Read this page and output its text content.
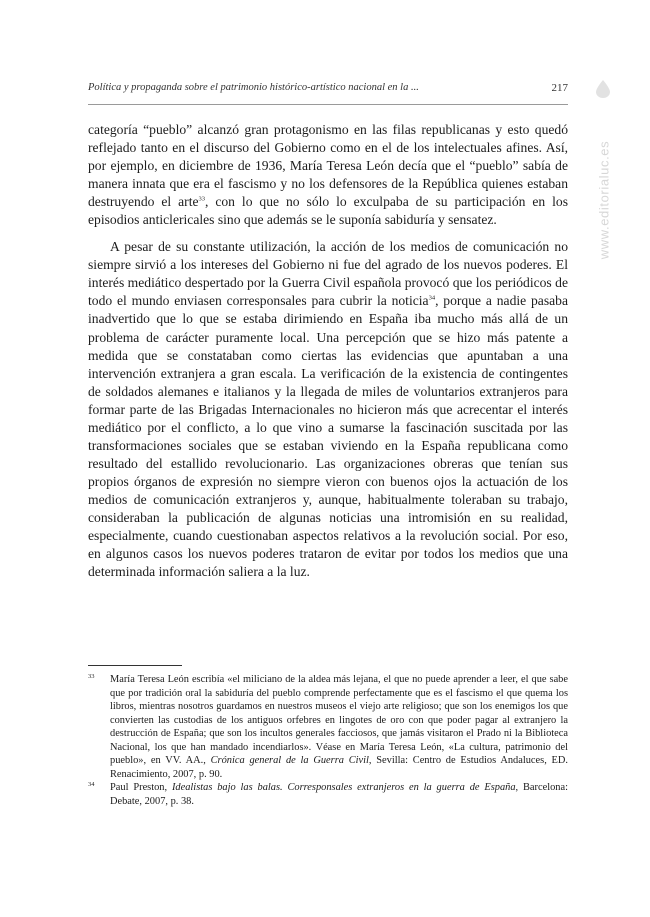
Política y propaganda sobre el patrimonio histórico-artístico nacional en la ...	217
www.editorialuc.es

categoría “pueblo” alcanzó gran protagonismo en las filas republicanas y esto quedó reflejado tanto en el discurso del Gobierno como en el de los intelectuales afines. Así, por ejemplo, en diciembre de 1936, María Teresa León decía que el “pueblo” sabía de manera innata que era el fascismo y no los defensores de la República quienes estaban destruyendo el arte$^{33}$, con lo que no sólo lo exculpaba de su participación en los episodios anticlericales sino que además se le suponía sabiduría y sensatez.

A pesar de su constante utilización, la acción de los medios de comunicación no siempre sirvió a los intereses del Gobierno ni fue del agrado de los nuevos poderes. El interés mediático despertado por la Guerra Civil española provocó que los periódicos de todo el mundo enviasen corresponsales para cubrir la noticia$^{34}$, porque a nadie pasaba inadvertido que lo que se estaba dirimiendo en España iba mucho más allá de un problema de carácter puramente local. Una percepción que se hizo más patente a medida que se constataban como ciertas las evidencias que apuntaban a una intervención extranjera a gran escala. La verificación de la existencia de contingentes de soldados alemanes e italianos y la llegada de miles de voluntarios extranjeros para formar parte de las Brigadas Internacionales no hicieron más que acrecentar el interés mediático por el conflicto, a lo que vino a sumarse la fascinación suscitada por las transformaciones sociales que se estaban viviendo en la España republicana como resultado del estallido revolucionario. Las organizaciones obreras que tenían sus propios órganos de expresión no siempre vieron con buenos ojos la actuación de los medios de comunicación extranjeros y, aunque, habitualmente toleraban su trabajo, consideraban la publicación de algunas noticias una intromisión en su realidad, especialmente, cuando cuestionaban aspectos relativos a la revolución social. Por eso, en algunos casos los nuevos poderes trataron de evitar por todos los medios que una determinada información saliera a la luz.

33 María Teresa León escribía «el miliciano de la aldea más lejana, el que no puede aprender a leer, el que sabe que por tradición oral la sabiduría del pueblo comprende perfectamente que es el fascismo el que quema los libros, mientras nosotros guardamos en nuestros museos el viejo arte religioso; que son los enemigos los que convierten las custodias de los antiguos orfebres en lingotes de oro con que poder pagar al extranjero la destrucción de España; que son los incultos generales facciosos, que jamás visitaron el Prado ni la Biblioteca Nacional, los que han mandado incendiarlos». Véase en María Teresa León, «La cultura, patrimonio del pueblo», en VV. AA., Crónica general de la Guerra Civil, Sevilla: Centro de Estudios Andaluces, ED. Renacimiento, 2007, p. 90.
34 Paul Preston, Idealistas bajo las balas. Corresponsales extranjeros en la guerra de España, Barcelona: Debate, 2007, p. 38.
